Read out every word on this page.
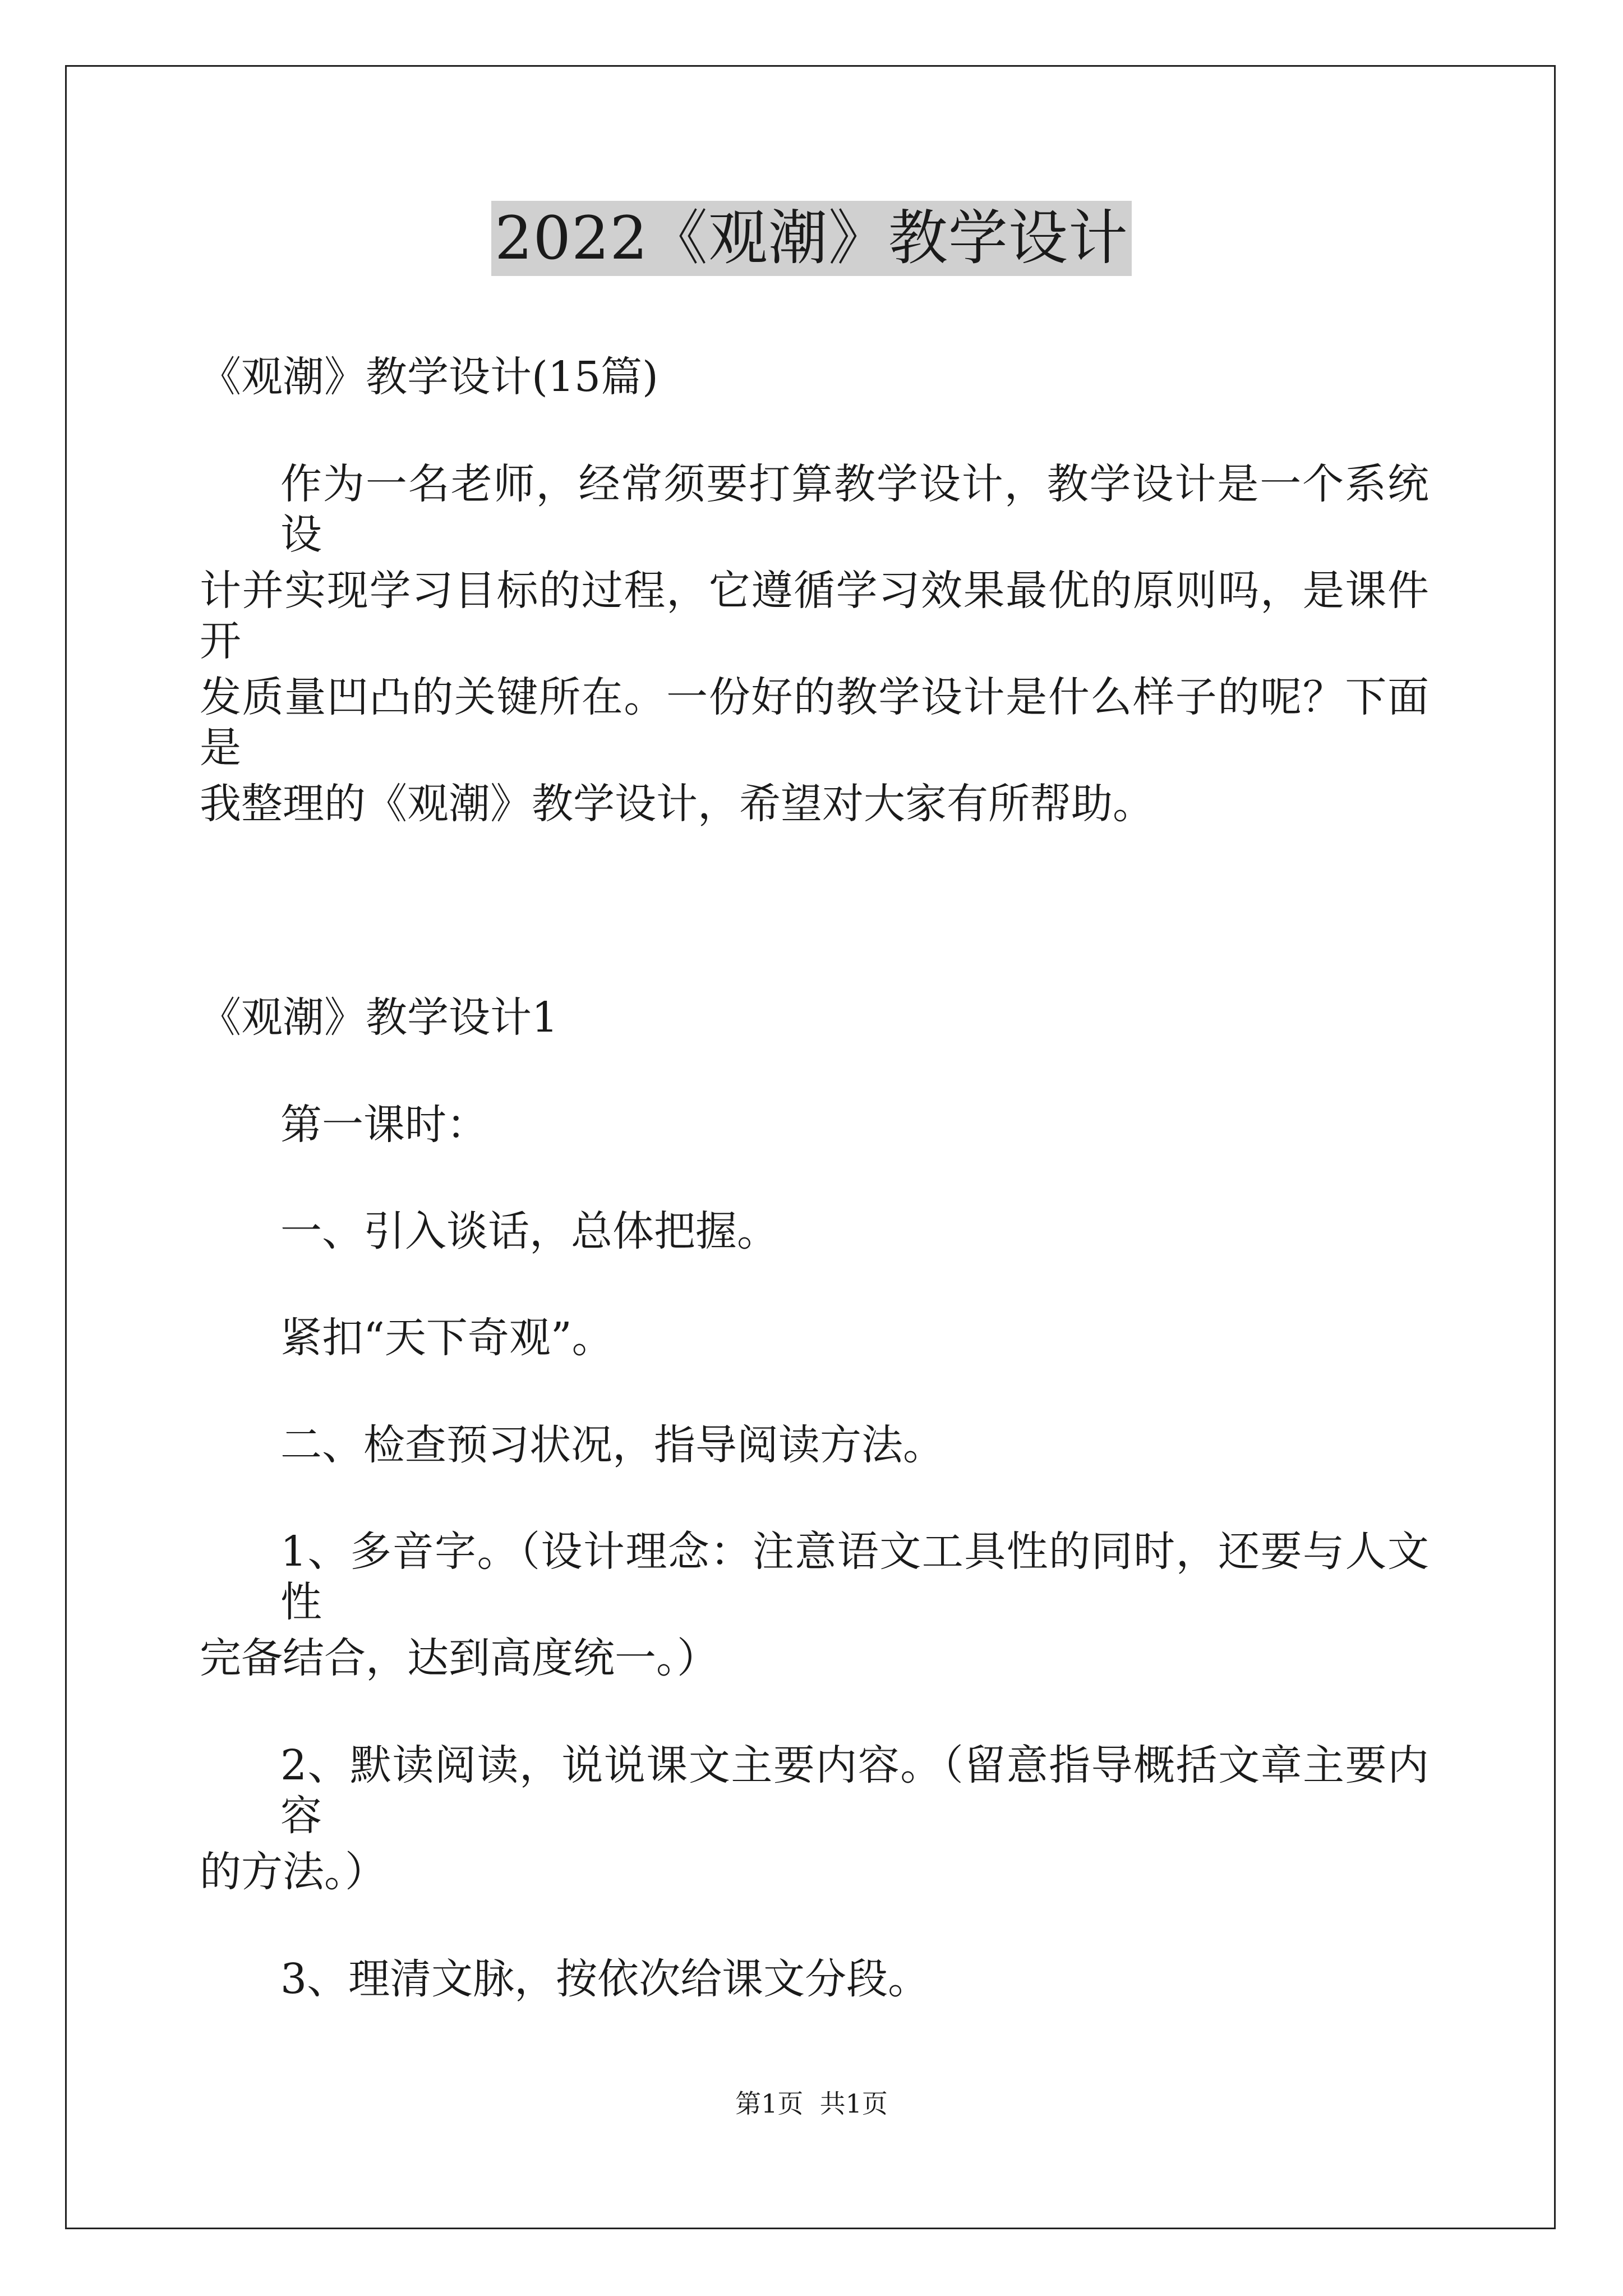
2022《观潮》教学设计
《观潮》教学设计(15篇)
作为一名老师，经常须要打算教学设计，教学设计是一个系统设
计并实现学习目标的过程，它遵循学习效果最优的原则吗，是课件开
发质量凹凸的关键所在。一份好的教学设计是什么样子的呢？下面是
我整理的《观潮》教学设计，希望对大家有所帮助。
《观潮》教学设计1
第一课时：
一、引入谈话，总体把握。
紧扣“天下奇观”。
二、检查预习状况，指导阅读方法。
1、多音字。（设计理念：注意语文工具性的同时，还要与人文性
完备结合，达到高度统一。）
2、默读阅读，说说课文主要内容。（留意指导概括文章主要内容
的方法。）
3、理清文脉，按依次给课文分段。
第1页  共1页
